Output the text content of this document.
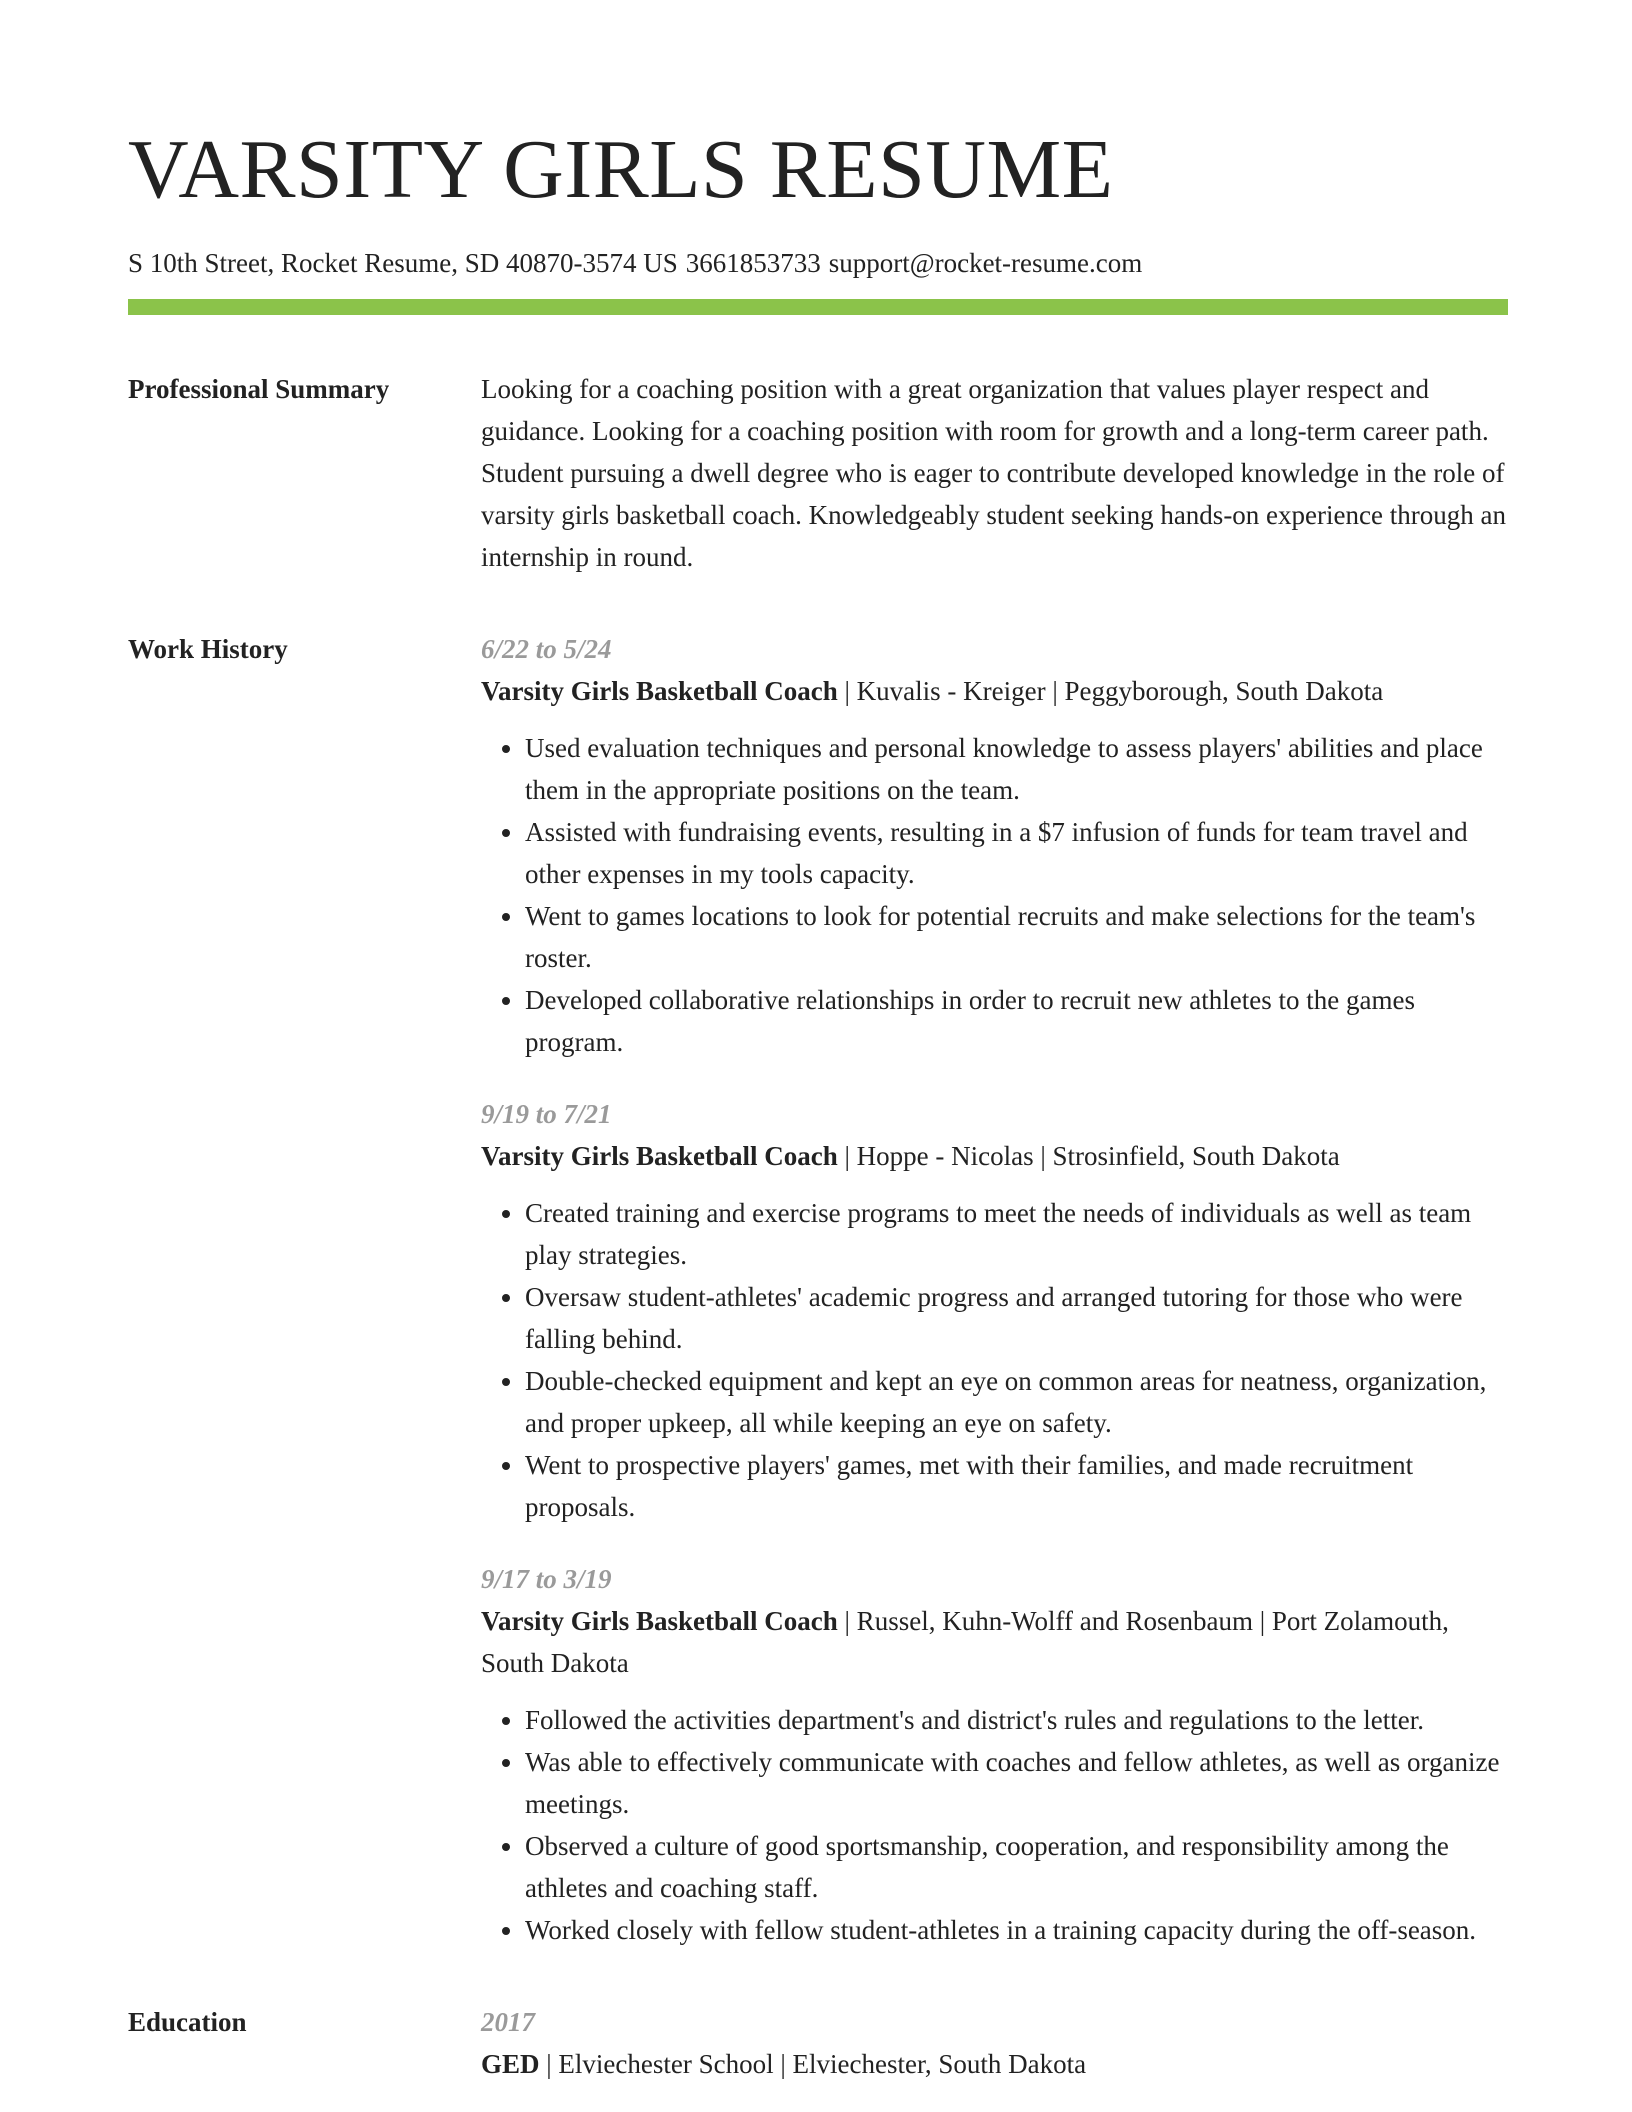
VARSITY GIRLS RESUME
S 10th Street, Rocket Resume, SD 40870-3574 US 3661853733 support@rocket-resume.com
Professional Summary	Looking for a coaching position with a great organization that values player respect and guidance. Looking for a coaching position with room for growth and a long-term career path. Student pursuing a dwell degree who is eager to contribute developed knowledge in the role of varsity girls basketball coach. Knowledgeably student seeking hands-on experience through an internship in round.
Work History	6/22 to 5/24
Varsity Girls Basketball Coach | Kuvalis - Kreiger | Peggyborough, South Dakota
• Used evaluation techniques and personal knowledge to assess players' abilities and place them in the appropriate positions on the team.
• Assisted with fundraising events, resulting in a $7 infusion of funds for team travel and other expenses in my tools capacity.
• Went to games locations to look for potential recruits and make selections for the team's roster.
• Developed collaborative relationships in order to recruit new athletes to the games program.
9/19 to 7/21
Varsity Girls Basketball Coach | Hoppe - Nicolas | Strosinfield, South Dakota
• Created training and exercise programs to meet the needs of individuals as well as team play strategies.
• Oversaw student-athletes' academic progress and arranged tutoring for those who were falling behind.
• Double-checked equipment and kept an eye on common areas for neatness, organization, and proper upkeep, all while keeping an eye on safety.
• Went to prospective players' games, met with their families, and made recruitment proposals.
9/17 to 3/19
Varsity Girls Basketball Coach | Russel, Kuhn-Wolff and Rosenbaum | Port Zolamouth, South Dakota
• Followed the activities department's and district's rules and regulations to the letter.
• Was able to effectively communicate with coaches and fellow athletes, as well as organize meetings.
• Observed a culture of good sportsmanship, cooperation, and responsibility among the athletes and coaching staff.
• Worked closely with fellow student-athletes in a training capacity during the off-season.
Education	2017
GED | Elviechester School | Elviechester, South Dakota
